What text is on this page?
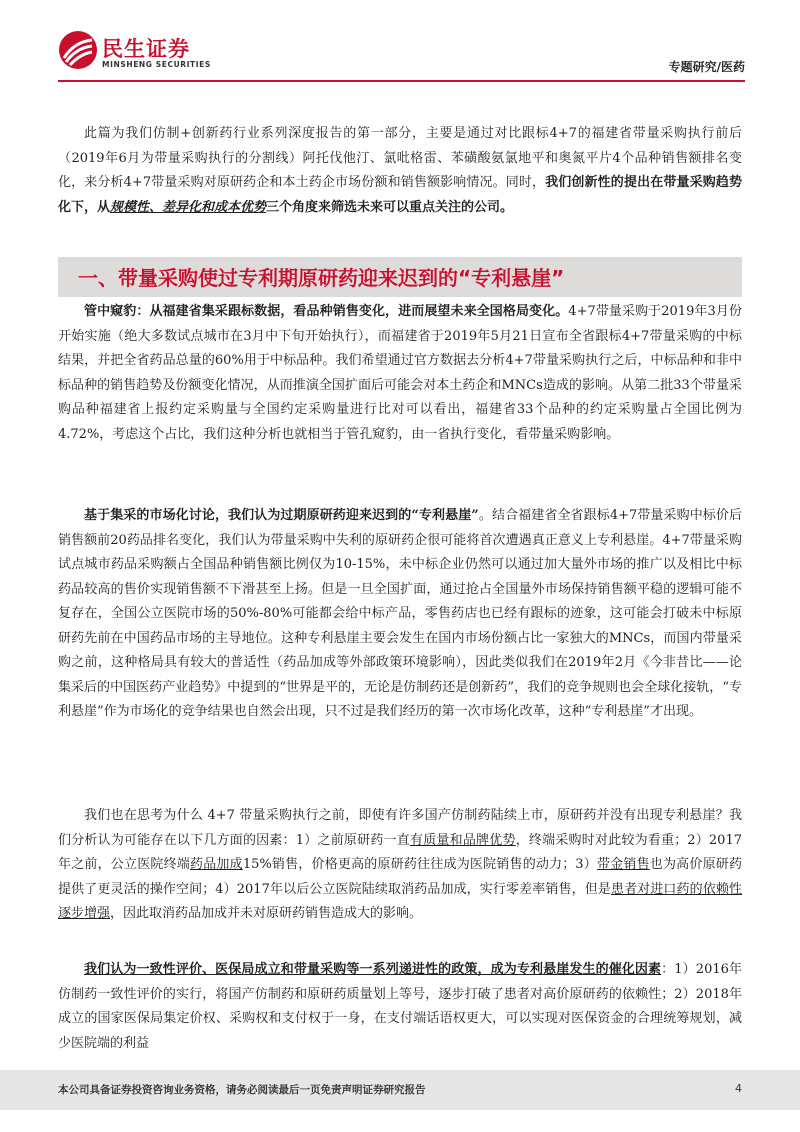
民生证券
MINSHENG SECURITIES	专题研究/医药

此篇为我们仿制+创新药行业系列深度报告的第一部分，主要是通过对比跟标4+7的福建省带量采购执行前后（2019年6月为带量采购执行的分割线）阿托伐他汀、氯吡格雷、苯磺酸氨氯地平和奥氮平片4个品种销售额排名变化，来分析4+7带量采购对原研药企和本土药企市场份额和销售额影响情况。同时，我们创新性的提出在带量采购趋势化下，从规模性、差异化和成本优势三个角度来筛选未来可以重点关注的公司。

一、带量采购使过专利期原研药迎来迟到的“专利悬崖”

管中窥豹：从福建省集采跟标数据，看品种销售变化，进而展望未来全国格局变化。4+7带量采购于2019年3月份开始实施（绝大多数试点城市在3月中下旬开始执行），而福建省于2019年5月21日宣布全省跟标4+7带量采购的中标结果，并把全省药品总量的60%用于中标品种。我们希望通过官方数据去分析4+7带量采购执行之后，中标品种和非中标品种的销售趋势及份额变化情况，从而推演全国扩面后可能会对本土药企和MNCs造成的影响。从第二批33个带量采购品种福建省上报约定采购量与全国约定采购量进行比对可以看出，福建省33个品种的约定采购量占全国比例为4.72%，考虑这个占比，我们这种分析也就相当于管孔窥豹，由一省执行变化，看带量采购影响。

基于集采的市场化讨论，我们认为过期原研药迎来迟到的“专利悬崖”。结合福建省全省跟标4+7带量采购中标价后销售额前20药品排名变化，我们认为带量采购中失利的原研药企很可能将首次遭遇真正意义上专利悬崖。4+7带量采购试点城市药品采购额占全国品种销售额比例仅为10-15%，未中标企业仍然可以通过加大量外市场的推广以及相比中标药品较高的售价实现销售额不下滑甚至上扬。但是一旦全国扩面，通过抢占全国量外市场保持销售额平稳的逻辑可能不复存在，全国公立医院市场的50%-80%可能都会给中标产品，零售药店也已经有跟标的迹象，这可能会打破未中标原研药先前在中国药品市场的主导地位。这种专利悬崖主要会发生在国内市场份额占比一家独大的MNCs，而国内带量采购之前，这种格局具有较大的普适性（药品加成等外部政策环境影响），因此类似我们在2019年2月《今非昔比——论集采后的中国医药产业趋势》中提到的“世界是平的，无论是仿制药还是创新药”，我们的竞争规则也会全球化接轨，“专利悬崖”作为市场化的竞争结果也自然会出现，只不过是我们经历的第一次市场化改革，这种“专利悬崖”才出现。

我们也在思考为什么 4+7 带量采购执行之前，即使有许多国产仿制药陆续上市，原研药并没有出现专利悬崖？我们分析认为可能存在以下几方面的因素：1）之前原研药一直有质量和品牌优势，终端采购时对此较为看重；2）2017年之前，公立医院终端药品加成15%销售，价格更高的原研药往往成为医院销售的动力；3）带金销售也为高价原研药提供了更灵活的操作空间；4）2017年以后公立医院陆续取消药品加成，实行零差率销售，但是患者对进口药的依赖性逐步增强，因此取消药品加成并未对原研药销售造成大的影响。

我们认为一致性评价、医保局成立和带量采购等一系列递进性的政策，成为专利悬崖发生的催化因素：1）2016年仿制药一致性评价的实行，将国产仿制药和原研药质量划上等号，逐步打破了患者对高价原研药的依赖性；2）2018年成立的国家医保局集定价权、采购权和支付权于一身，在支付端话语权更大，可以实现对医保资金的合理统筹规划，减少医院端的利益

本公司具备证券投资咨询业务资格，请务必阅读最后一页免责声明证券研究报告	4
